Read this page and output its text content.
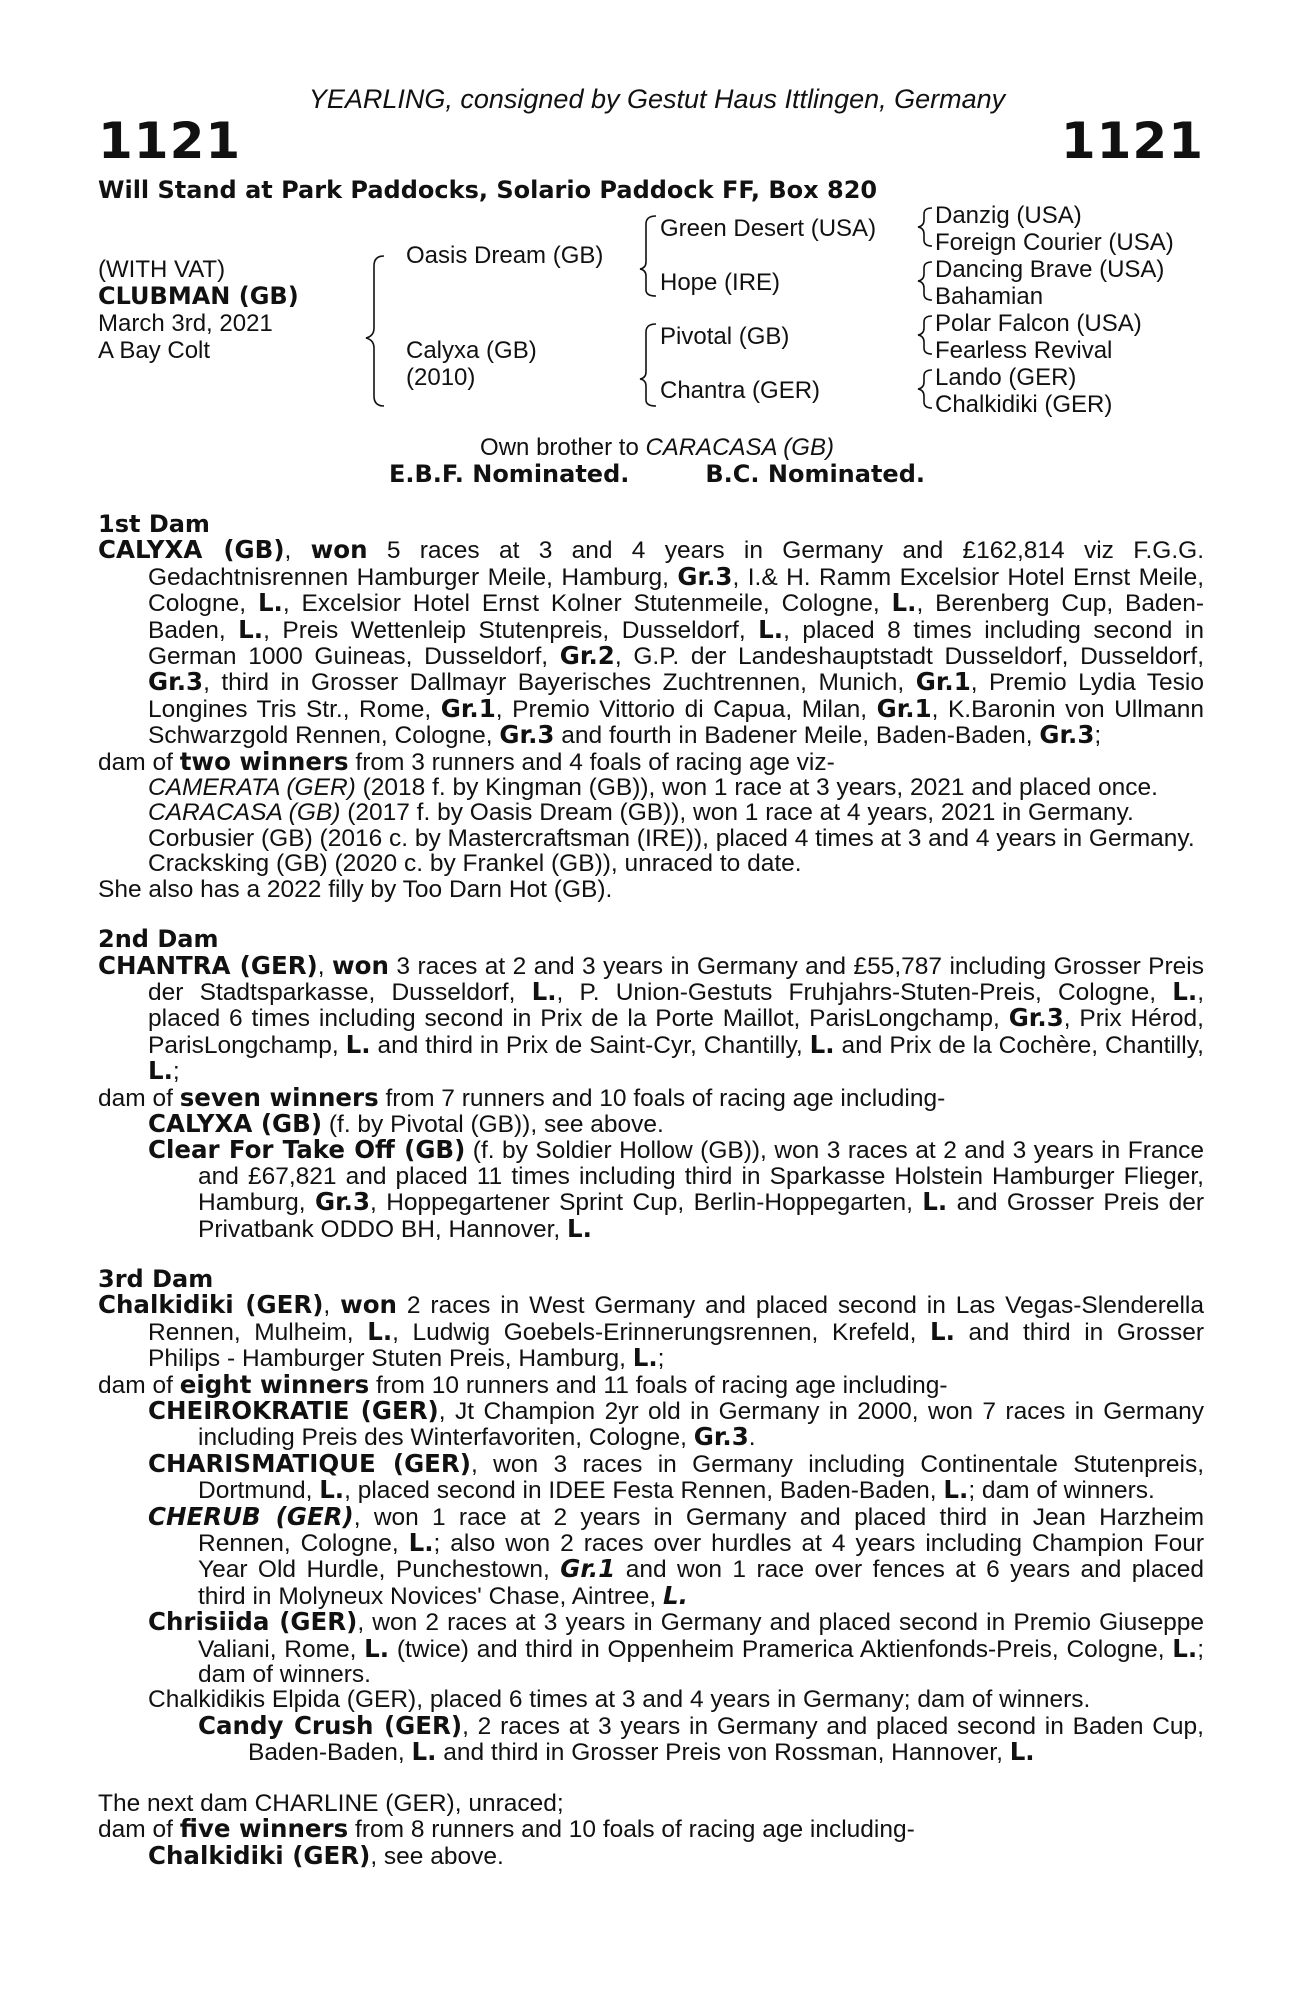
YEARLING, consigned by Gestut Haus Ittlingen, Germany
1121	1121
Will Stand at Park Paddocks, Solario Paddock FF, Box 820
(WITH VAT)
CLUBMAN (GB)
March 3rd, 2021
A Bay Colt
Oasis Dream (GB)
Calyxa (GB)
(2010)
Green Desert (USA)
Hope (IRE)
Pivotal (GB)
Chantra (GER)
Danzig (USA)
Foreign Courier (USA)
Dancing Brave (USA)
Bahamian
Polar Falcon (USA)
Fearless Revival
Lando (GER)
Chalkidiki (GER)
Own brother to CARACASA (GB)
E.B.F. Nominated.	B.C. Nominated.
1st Dam
CALYXA (GB), won 5 races at 3 and 4 years in Germany and £162,814 viz F.G.G. Gedachtnisrennen Hamburger Meile, Hamburg, Gr.3, I.& H. Ramm Excelsior Hotel Ernst Meile, Cologne, L., Excelsior Hotel Ernst Kolner Stutenmeile, Cologne, L., Berenberg Cup, Baden-Baden, L., Preis Wettenleip Stutenpreis, Dusseldorf, L., placed 8 times including second in German 1000 Guineas, Dusseldorf, Gr.2, G.P. der Landeshauptstadt Dusseldorf, Dusseldorf, Gr.3, third in Grosser Dallmayr Bayerisches Zuchtrennen, Munich, Gr.1, Premio Lydia Tesio Longines Tris Str., Rome, Gr.1, Premio Vittorio di Capua, Milan, Gr.1, K.Baronin von Ullmann Schwarzgold Rennen, Cologne, Gr.3 and fourth in Badener Meile, Baden-Baden, Gr.3;
dam of two winners from 3 runners and 4 foals of racing age viz-
CAMERATA (GER) (2018 f. by Kingman (GB)), won 1 race at 3 years, 2021 and placed once.
CARACASA (GB) (2017 f. by Oasis Dream (GB)), won 1 race at 4 years, 2021 in Germany.
Corbusier (GB) (2016 c. by Mastercraftsman (IRE)), placed 4 times at 3 and 4 years in Germany.
Cracksking (GB) (2020 c. by Frankel (GB)), unraced to date.
She also has a 2022 filly by Too Darn Hot (GB).
2nd Dam
CHANTRA (GER), won 3 races at 2 and 3 years in Germany and £55,787 including Grosser Preis der Stadtsparkasse, Dusseldorf, L., P. Union-Gestuts Fruhjahrs-Stuten-Preis, Cologne, L., placed 6 times including second in Prix de la Porte Maillot, ParisLongchamp, Gr.3, Prix Hérod, ParisLongchamp, L. and third in Prix de Saint-Cyr, Chantilly, L. and Prix de la Cochère, Chantilly, L.;
dam of seven winners from 7 runners and 10 foals of racing age including-
CALYXA (GB) (f. by Pivotal (GB)), see above.
Clear For Take Off (GB) (f. by Soldier Hollow (GB)), won 3 races at 2 and 3 years in France and £67,821 and placed 11 times including third in Sparkasse Holstein Hamburger Flieger, Hamburg, Gr.3, Hoppegartener Sprint Cup, Berlin-Hoppegarten, L. and Grosser Preis der Privatbank ODDO BH, Hannover, L.
3rd Dam
Chalkidiki (GER), won 2 races in West Germany and placed second in Las Vegas-Slenderella Rennen, Mulheim, L., Ludwig Goebels-Erinnerungsrennen, Krefeld, L. and third in Grosser Philips - Hamburger Stuten Preis, Hamburg, L.;
dam of eight winners from 10 runners and 11 foals of racing age including-
CHEIROKRATIE (GER), Jt Champion 2yr old in Germany in 2000, won 7 races in Germany including Preis des Winterfavoriten, Cologne, Gr.3.
CHARISMATIQUE (GER), won 3 races in Germany including Continentale Stutenpreis, Dortmund, L., placed second in IDEE Festa Rennen, Baden-Baden, L.; dam of winners.
CHERUB (GER), won 1 race at 2 years in Germany and placed third in Jean Harzheim Rennen, Cologne, L.; also won 2 races over hurdles at 4 years including Champion Four Year Old Hurdle, Punchestown, Gr.1 and won 1 race over fences at 6 years and placed third in Molyneux Novices' Chase, Aintree, L.
Chrisiida (GER), won 2 races at 3 years in Germany and placed second in Premio Giuseppe Valiani, Rome, L. (twice) and third in Oppenheim Pramerica Aktienfonds-Preis, Cologne, L.; dam of winners.
Chalkidikis Elpida (GER), placed 6 times at 3 and 4 years in Germany; dam of winners.
Candy Crush (GER), 2 races at 3 years in Germany and placed second in Baden Cup, Baden-Baden, L. and third in Grosser Preis von Rossman, Hannover, L.
The next dam CHARLINE (GER), unraced;
dam of five winners from 8 runners and 10 foals of racing age including-
Chalkidiki (GER), see above.
